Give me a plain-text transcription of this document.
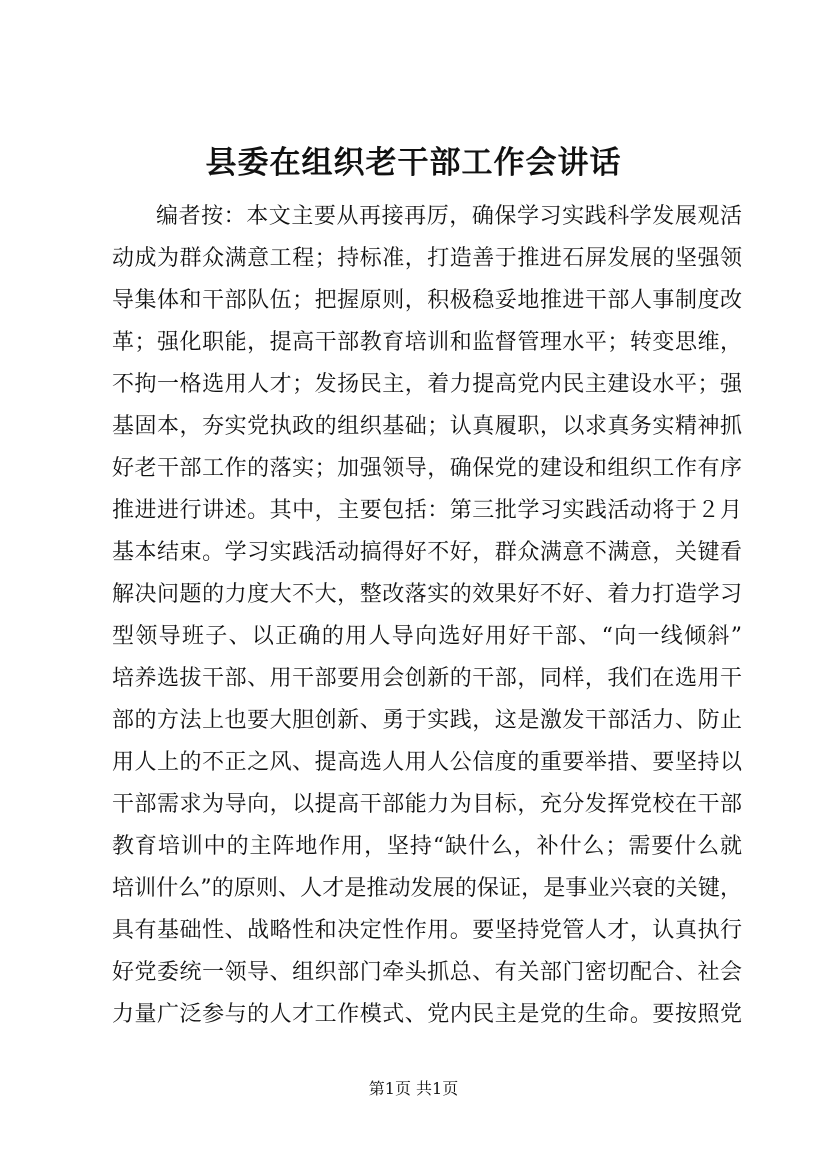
县委在组织老干部工作会讲话
编者按：本文主要从再接再厉，确保学习实践科学发展观活
动成为群众满意工程；持标准，打造善于推进石屏发展的坚强领
导集体和干部队伍；把握原则，积极稳妥地推进干部人事制度改
革；强化职能，提高干部教育培训和监督管理水平；转变思维，
不拘一格选用人才；发扬民主，着力提高党内民主建设水平；强
基固本，夯实党执政的组织基础；认真履职，以求真务实精神抓
好老干部工作的落实；加强领导，确保党的建设和组织工作有序
推进进行讲述。其中，主要包括：第三批学习实践活动将于２月
基本结束。学习实践活动搞得好不好，群众满意不满意，关键看
解决问题的力度大不大，整改落实的效果好不好、着力打造学习
型领导班子、以正确的用人导向选好用好干部、“向一线倾斜”
培养选拔干部、用干部要用会创新的干部，同样，我们在选用干
部的方法上也要大胆创新、勇于实践，这是激发干部活力、防止
用人上的不正之风、提高选人用人公信度的重要举措、要坚持以
干部需求为导向，以提高干部能力为目标，充分发挥党校在干部
教育培训中的主阵地作用，坚持“缺什么，补什么；需要什么就
培训什么”的原则、人才是推动发展的保证，是事业兴衰的关键，
具有基础性、战略性和决定性作用。要坚持党管人才，认真执行
好党委统一领导、组织部门牵头抓总、有关部门密切配合、社会
力量广泛参与的人才工作模式、党内民主是党的生命。要按照党
第1页 共1页
